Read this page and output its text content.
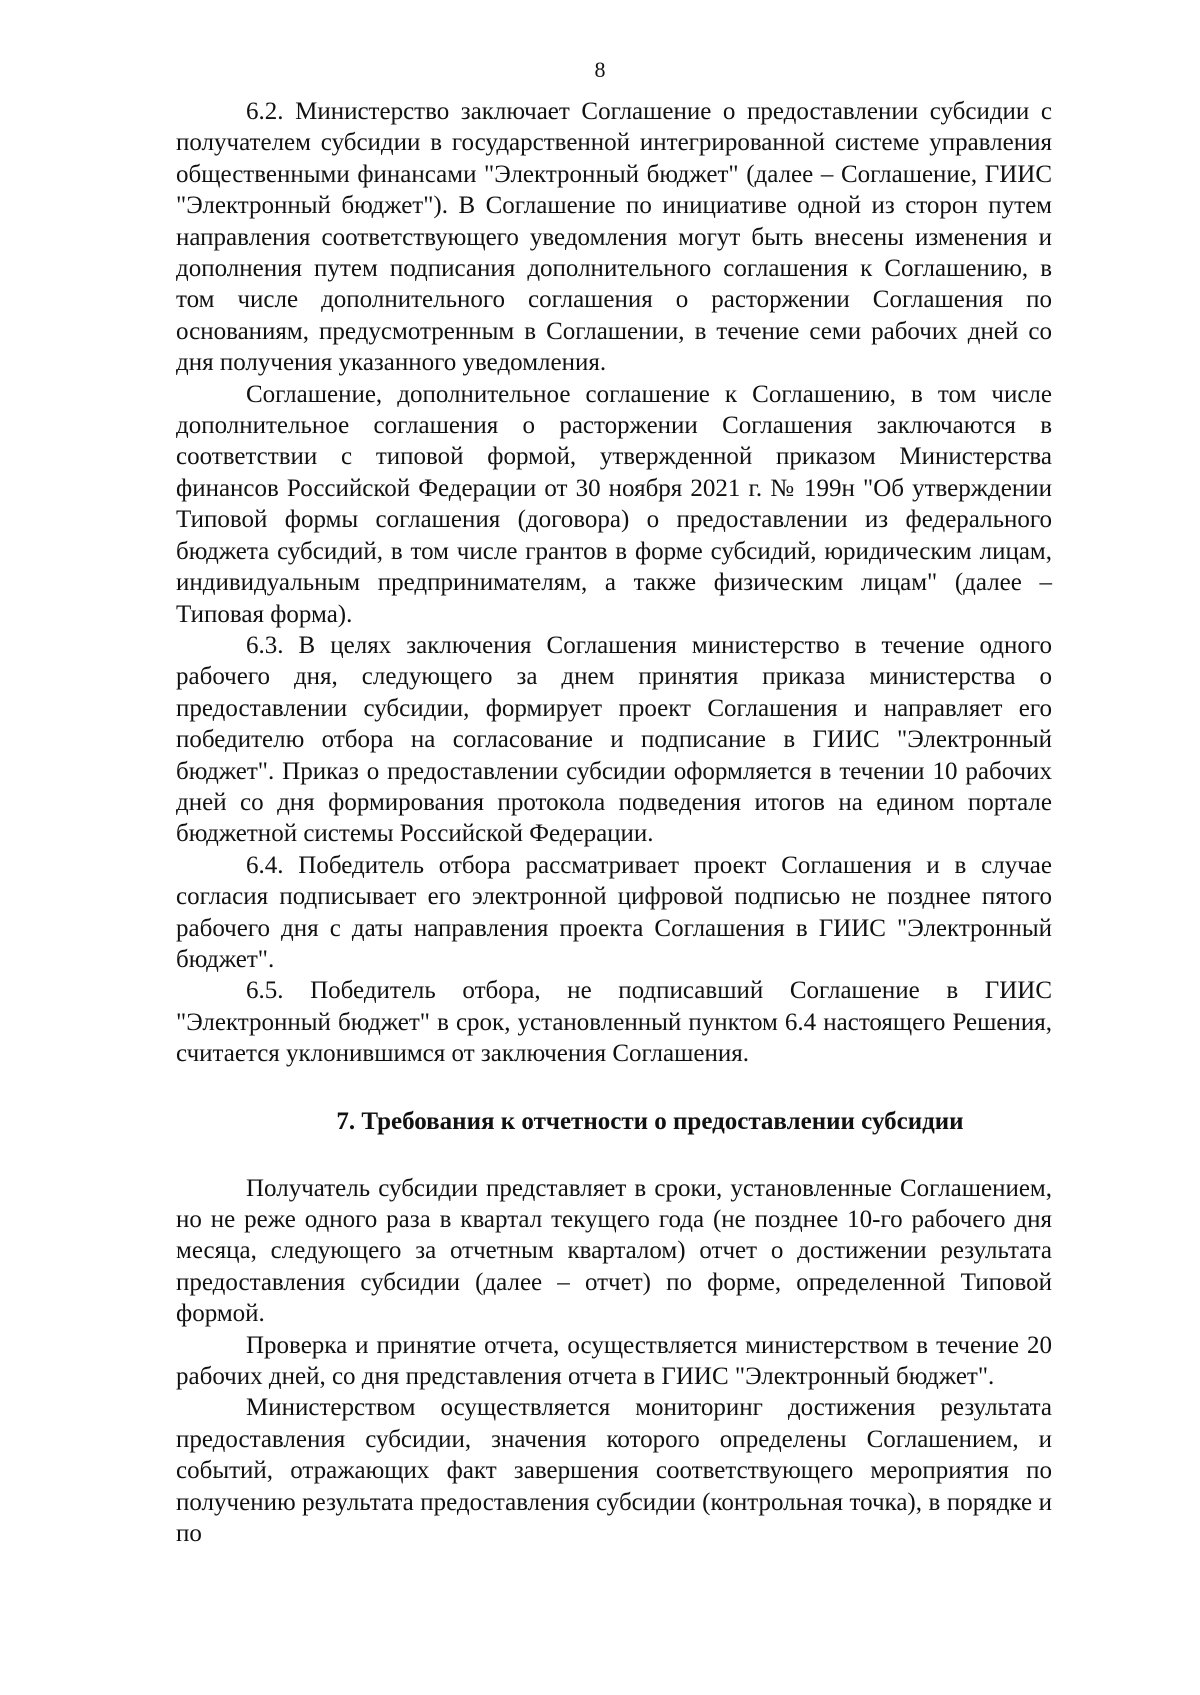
8

6.2. Министерство заключает Соглашение о предоставлении субсидии с получателем субсидии в государственной интегрированной системе управления общественными финансами "Электронный бюджет" (далее – Соглашение, ГИИС "Электронный бюджет"). В Соглашение по инициативе одной из сторон путем направления соответствующего уведомления могут быть внесены изменения и дополнения путем подписания дополнительного соглашения к Соглашению, в том числе дополнительного соглашения о расторжении Соглашения по основаниям, предусмотренным в Соглашении, в течение семи рабочих дней со дня получения указанного уведомления.

Соглашение, дополнительное соглашение к Соглашению, в том числе дополнительное соглашения о расторжении Соглашения заключаются в соответствии с типовой формой, утвержденной приказом Министерства финансов Российской Федерации от 30 ноября 2021 г. № 199н "Об утверждении Типовой формы соглашения (договора) о предоставлении из федерального бюджета субсидий, в том числе грантов в форме субсидий, юридическим лицам, индивидуальным предпринимателям, а также физическим лицам" (далее – Типовая форма).

6.3. В целях заключения Соглашения министерство в течение одного рабочего дня, следующего за днем принятия приказа министерства о предоставлении субсидии, формирует проект Соглашения и направляет его победителю отбора на согласование и подписание в ГИИС "Электронный бюджет". Приказ о предоставлении субсидии оформляется в течении 10 рабочих дней со дня формирования протокола подведения итогов на едином портале бюджетной системы Российской Федерации.

6.4. Победитель отбора рассматривает проект Соглашения и в случае согласия подписывает его электронной цифровой подписью не позднее пятого рабочего дня с даты направления проекта Соглашения в ГИИС "Электронный бюджет".

6.5. Победитель отбора, не подписавший Соглашение в ГИИС "Электронный бюджет" в срок, установленный пунктом 6.4 настоящего Решения, считается уклонившимся от заключения Соглашения.

7. Требования к отчетности о предоставлении субсидии

Получатель субсидии представляет в сроки, установленные Соглашением, но не реже одного раза в квартал текущего года (не позднее 10-го рабочего дня месяца, следующего за отчетным кварталом) отчет о достижении результата предоставления субсидии (далее – отчет) по форме, определенной Типовой формой.

Проверка и принятие отчета, осуществляется министерством в течение 20 рабочих дней, со дня представления отчета в ГИИС "Электронный бюджет".

Министерством осуществляется мониторинг достижения результата предоставления субсидии, значения которого определены Соглашением, и событий, отражающих факт завершения соответствующего мероприятия по получению результата предоставления субсидии (контрольная точка), в порядке и по
